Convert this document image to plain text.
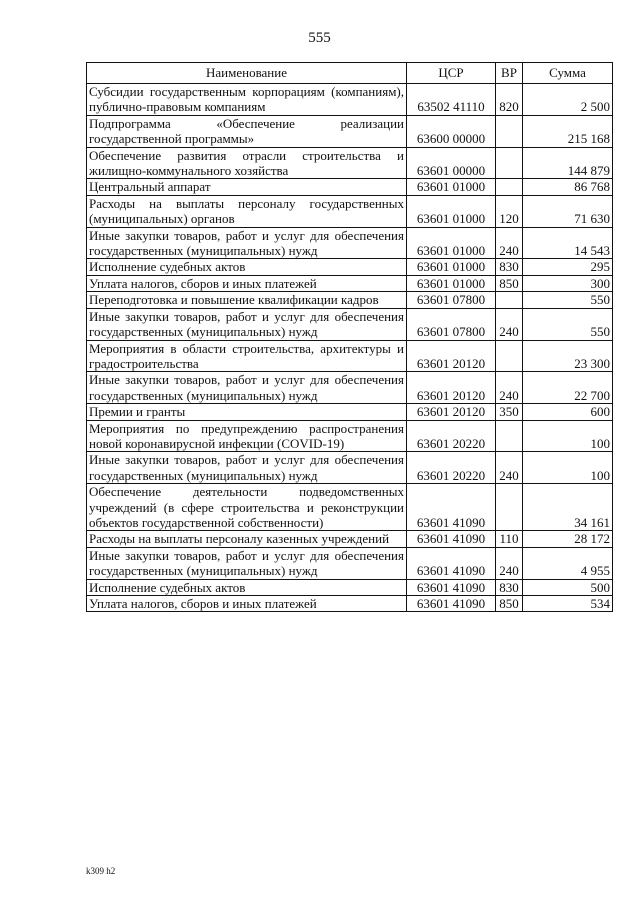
555
Наименование	ЦСР	ВР	Сумма
Субсидии государственным корпорациям (компаниям), публично-правовым компаниям	63502 41110	820	2 500
Подпрограмма «Обеспечение реализации государственной программы»	63600 00000		215 168
Обеспечение развития отрасли строительства и жилищно-коммунального хозяйства	63601 00000		144 879
Центральный аппарат	63601 01000		86 768
Расходы на выплаты персоналу государственных (муниципальных) органов	63601 01000	120	71 630
Иные закупки товаров, работ и услуг для обеспечения государственных (муниципальных) нужд	63601 01000	240	14 543
Исполнение судебных актов	63601 01000	830	295
Уплата налогов, сборов и иных платежей	63601 01000	850	300
Переподготовка и повышение квалификации кадров	63601 07800		550
Иные закупки товаров, работ и услуг для обеспечения государственных (муниципальных) нужд	63601 07800	240	550
Мероприятия в области строительства, архитектуры и градостроительства	63601 20120		23 300
Иные закупки товаров, работ и услуг для обеспечения государственных (муниципальных) нужд	63601 20120	240	22 700
Премии и гранты	63601 20120	350	600
Мероприятия по предупреждению распространения новой коронавирусной инфекции (COVID-19)	63601 20220		100
Иные закупки товаров, работ и услуг для обеспечения государственных (муниципальных) нужд	63601 20220	240	100
Обеспечение деятельности подведомственных учреждений (в сфере строительства и реконструкции объектов государственной собственности)	63601 41090		34 161
Расходы на выплаты персоналу казенных учреждений	63601 41090	110	28 172
Иные закупки товаров, работ и услуг для обеспечения государственных (муниципальных) нужд	63601 41090	240	4 955
Исполнение судебных актов	63601 41090	830	500
Уплата налогов, сборов и иных платежей	63601 41090	850	534
k309 h2
